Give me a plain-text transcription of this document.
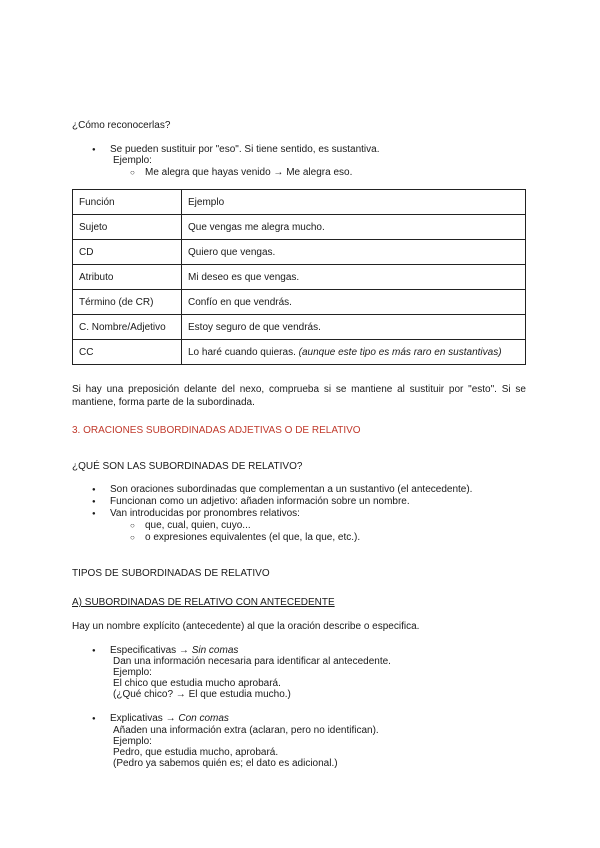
¿Cómo reconocerlas?
● Se pueden sustituir por "eso". Si tiene sentido, es sustantiva.
Ejemplo:
○ Me alegra que hayas venido → Me alegra eso.
Función	Ejemplo
Sujeto	Que vengas me alegra mucho.
CD	Quiero que vengas.
Atributo	Mi deseo es que vengas.
Término (de CR)	Confío en que vendrás.
C. Nombre/Adjetivo	Estoy seguro de que vendrás.
CC	Lo haré cuando quieras. (aunque este tipo es más raro en sustantivas)
Si hay una preposición delante del nexo, comprueba si se mantiene al sustituir por "esto". Si se mantiene, forma parte de la subordinada.
3. ORACIONES SUBORDINADAS ADJETIVAS O DE RELATIVO
¿QUÉ SON LAS SUBORDINADAS DE RELATIVO?
● Son oraciones subordinadas que complementan a un sustantivo (el antecedente).
● Funcionan como un adjetivo: añaden información sobre un nombre.
● Van introducidas por pronombres relativos:
○ que, cual, quien, cuyo...
○ o expresiones equivalentes (el que, la que, etc.).
TIPOS DE SUBORDINADAS DE RELATIVO
A) SUBORDINADAS DE RELATIVO CON ANTECEDENTE
Hay un nombre explícito (antecedente) al que la oración describe o especifica.
● Especificativas → Sin comas
Dan una información necesaria para identificar al antecedente.
Ejemplo:
El chico que estudia mucho aprobará.
(¿Qué chico? → El que estudia mucho.)
● Explicativas → Con comas
Añaden una información extra (aclaran, pero no identifican).
Ejemplo:
Pedro, que estudia mucho, aprobará.
(Pedro ya sabemos quién es; el dato es adicional.)
